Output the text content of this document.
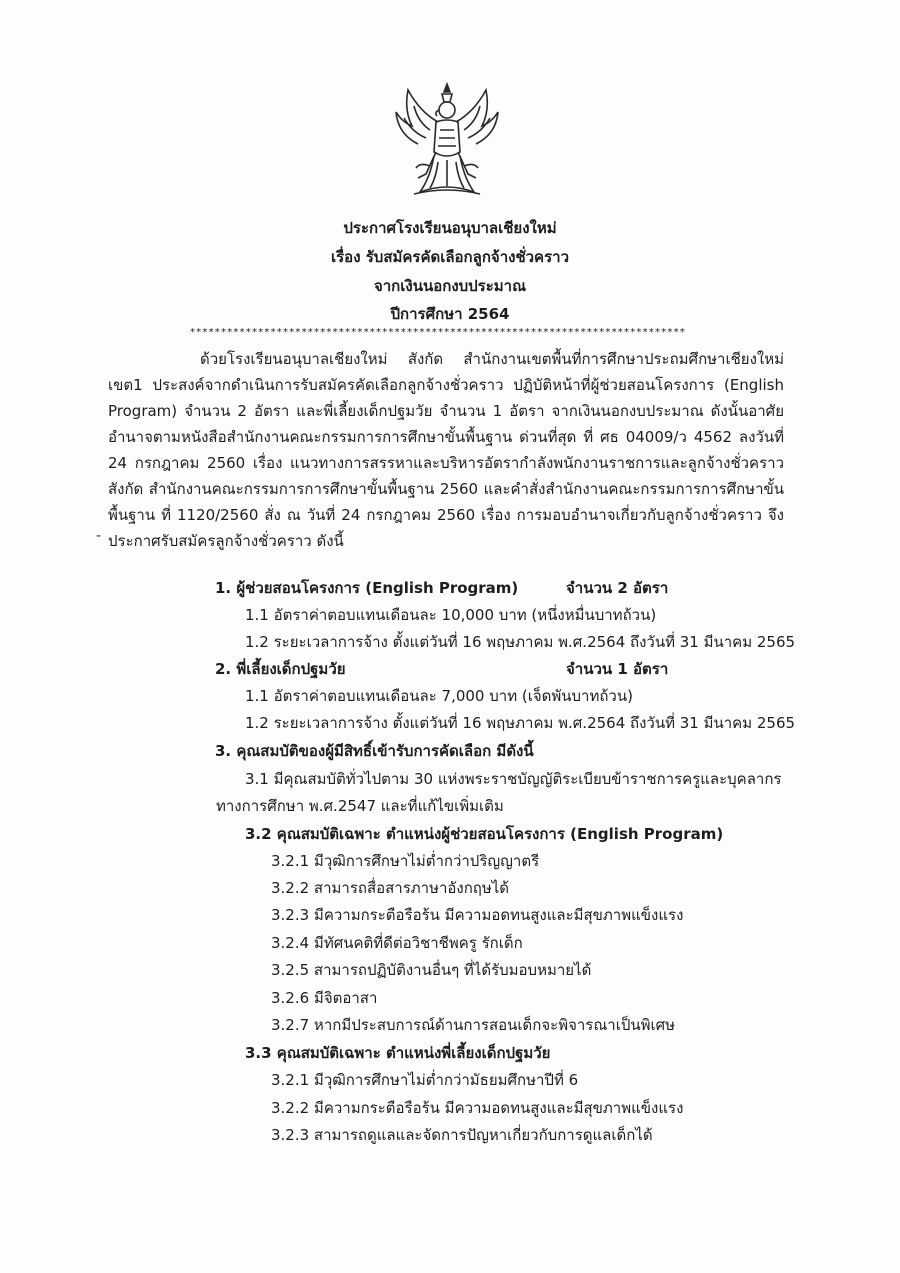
ประกาศโรงเรียนอนุบาลเชียงใหม่
เรื่อง รับสมัครคัดเลือกลูกจ้างชั่วคราว
จากเงินนอกงบประมาณ
ปีการศึกษา 2564
********************************************************************************

ด้วยโรงเรียนอนุบาลเชียงใหม่ สังกัด สำนักงานเขตพื้นที่การศึกษาประถมศึกษาเชียงใหม่ เขต1 ประสงค์จากดำเนินการรับสมัครคัดเลือกลูกจ้างชั่วคราว ปฏิบัติหน้าที่ผู้ช่วยสอนโครงการ (English Program) จำนวน 2 อัตรา และพี่เลี้ยงเด็กปฐมวัย จำนวน 1 อัตรา จากเงินนอกงบประมาณ ดังนั้นอาศัยอำนาจตามหนังสือสำนักงานคณะกรรมการการศึกษาขั้นพื้นฐาน ด่วนที่สุด ที่ ศธ 04009/ว 4562 ลงวันที่ 24 กรกฎาคม 2560 เรื่อง แนวทางการสรรหาและบริหารอัตรากำลังพนักงานราชการและลูกจ้างชั่วคราว สังกัด สำนักงานคณะกรรมการการศึกษาขั้นพื้นฐาน 2560 และคำสั่งสำนักงานคณะกรรมการการศึกษาขั้นพื้นฐาน ที่ 1120/2560 สั่ง ณ วันที่ 24 กรกฎาคม 2560 เรื่อง การมอบอำนาจเกี่ยวกับลูกจ้างชั่วคราว จึงประกาศรับสมัครลูกจ้างชั่วคราว ดังนี้

-
1. ผู้ช่วยสอนโครงการ (English Program)	จำนวน 2 อัตรา
1.1 อัตราค่าตอบแทนเดือนละ 10,000 บาท (หนึ่งหมื่นบาทถ้วน)
1.2 ระยะเวลาการจ้าง ตั้งแต่วันที่ 16 พฤษภาคม พ.ศ.2564 ถึงวันที่ 31 มีนาคม 2565
2. พี่เลี้ยงเด็กปฐมวัย	จำนวน 1 อัตรา
1.1 อัตราค่าตอบแทนเดือนละ 7,000 บาท (เจ็ดพันบาทถ้วน)
1.2 ระยะเวลาการจ้าง ตั้งแต่วันที่ 16 พฤษภาคม พ.ศ.2564 ถึงวันที่ 31 มีนาคม 2565
3. คุณสมบัติของผู้มีสิทธิ์เข้ารับการคัดเลือก มีดังนี้
3.1 มีคุณสมบัติทั่วไปตาม 30 แห่งพระราชบัญญัติระเบียบข้าราชการครูและบุคลากร
ทางการศึกษา พ.ศ.2547 และที่แก้ไขเพิ่มเติม
3.2 คุณสมบัติเฉพาะ ตำแหน่งผู้ช่วยสอนโครงการ (English Program)
3.2.1 มีวุฒิการศึกษาไม่ต่ำกว่าปริญญาตรี
3.2.2 สามารถสื่อสารภาษาอังกฤษได้
3.2.3 มีความกระตือรือร้น มีความอดทนสูงและมีสุขภาพแข็งแรง
3.2.4 มีทัศนคติที่ดีต่อวิชาชีพครู รักเด็ก
3.2.5 สามารถปฏิบัติงานอื่นๆ ที่ได้รับมอบหมายได้
3.2.6 มีจิตอาสา
3.2.7 หากมีประสบการณ์ด้านการสอนเด็กจะพิจารณาเป็นพิเศษ
3.3 คุณสมบัติเฉพาะ ตำแหน่งพี่เลี้ยงเด็กปฐมวัย
3.2.1 มีวุฒิการศึกษาไม่ต่ำกว่ามัธยมศึกษาปีที่ 6
3.2.2 มีความกระตือรือร้น มีความอดทนสูงและมีสุขภาพแข็งแรง
3.2.3 สามารถดูแลและจัดการปัญหาเกี่ยวกับการดูแลเด็กได้
